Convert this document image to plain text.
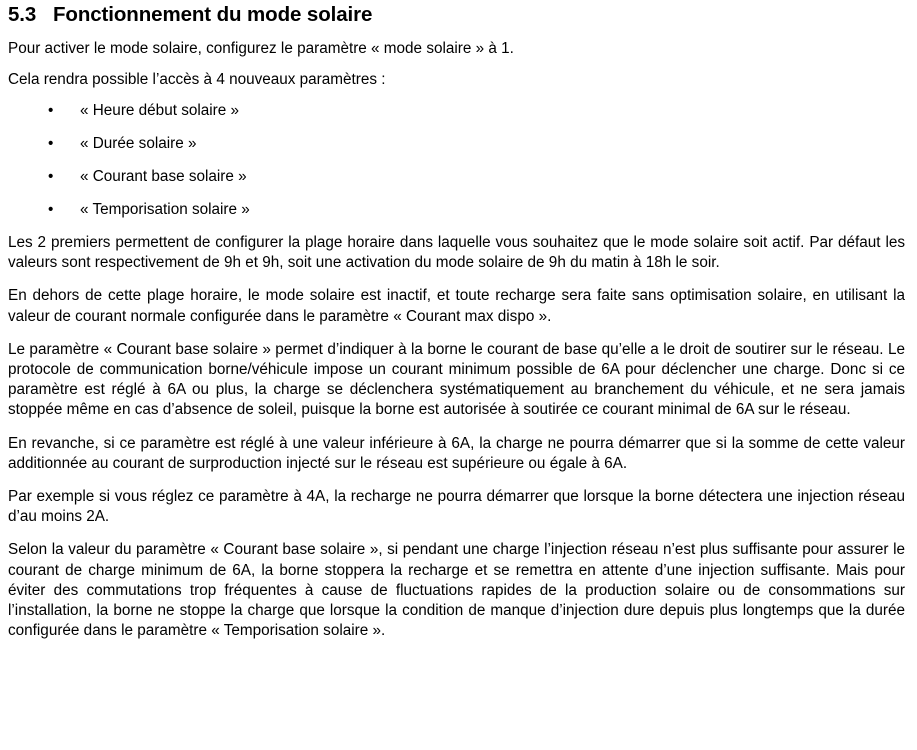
5.3   Fonctionnement du mode solaire

Pour activer le mode solaire, configurez le paramètre « mode solaire » à 1.

Cela rendra possible l’accès à 4 nouveaux paramètres :

• « Heure début solaire »
• « Durée solaire »
• « Courant base solaire »
• « Temporisation solaire »

Les 2 premiers permettent de configurer la plage horaire dans laquelle vous souhaitez que le mode solaire soit actif. Par défaut les valeurs sont respectivement de 9h et 9h, soit une activation du mode solaire de 9h du matin à 18h le soir.

En dehors de cette plage horaire, le mode solaire est inactif, et toute recharge sera faite sans optimisation solaire, en utilisant la valeur de courant normale configurée dans le paramètre « Courant max dispo ».

Le paramètre « Courant base solaire » permet d’indiquer à la borne le courant de base qu’elle a le droit de soutirer sur le réseau. Le protocole de communication borne/véhicule impose un courant minimum possible de 6A pour déclencher une charge. Donc si ce paramètre est réglé à 6A ou plus, la charge se déclenchera systématiquement au branchement du véhicule, et ne sera jamais stoppée même en cas d’absence de soleil, puisque la borne est autorisée à soutirée ce courant minimal de 6A sur le réseau.

En revanche, si ce paramètre est réglé à une valeur inférieure à 6A, la charge ne pourra démarrer que si la somme de cette valeur additionnée au courant de surproduction injecté sur le réseau est supérieure ou égale à 6A.

Par exemple si vous réglez ce paramètre à 4A, la recharge ne pourra démarrer que lorsque la borne détectera une injection réseau d’au moins 2A.

Selon la valeur du paramètre « Courant base solaire », si pendant une charge l’injection réseau n’est plus suffisante pour assurer le courant de charge minimum de 6A, la borne stoppera la recharge et se remettra en attente d’une injection suffisante. Mais pour éviter des commutations trop fréquentes à cause de fluctuations rapides de la production solaire ou de consommations sur l’installation, la borne ne stoppe la charge que lorsque la condition de manque d’injection dure depuis plus longtemps que la durée configurée dans le paramètre « Temporisation solaire ».
